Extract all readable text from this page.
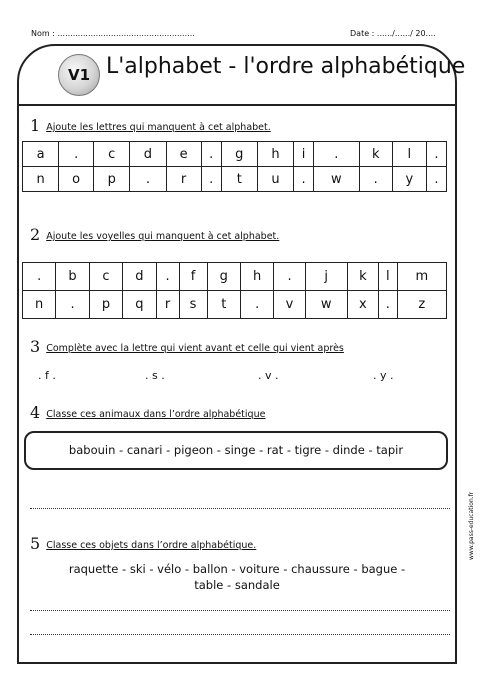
Nom : ......................................................	Date : ....../....../ 20....
V1 L'alphabet - l'ordre alphabétique
1 Ajoute les lettres qui manquent à cet alphabet.
a	.	c	d	e	.	g	h	i	.	k	l	.
n	o	p	.	r	.	t	u	.	w	.	y	.
2 Ajoute les voyelles qui manquent à cet alphabet.
.	b	c	d	.	f	g	h	.	j	k	l	m
n	.	p	q	r	s	t	.	v	w	x	.	z
3 Complète avec la lettre qui vient avant et celle qui vient après
. f .	. s .	. v .	. y .
4 Classe ces animaux dans l’ordre alphabétique
babouin - canari - pigeon - singe - rat - tigre - dinde - tapir
5 Classe ces objets dans l’ordre alphabétique.
raquette - ski - vélo - ballon - voiture - chaussure - bague -
table - sandale
www.pass-education.fr
